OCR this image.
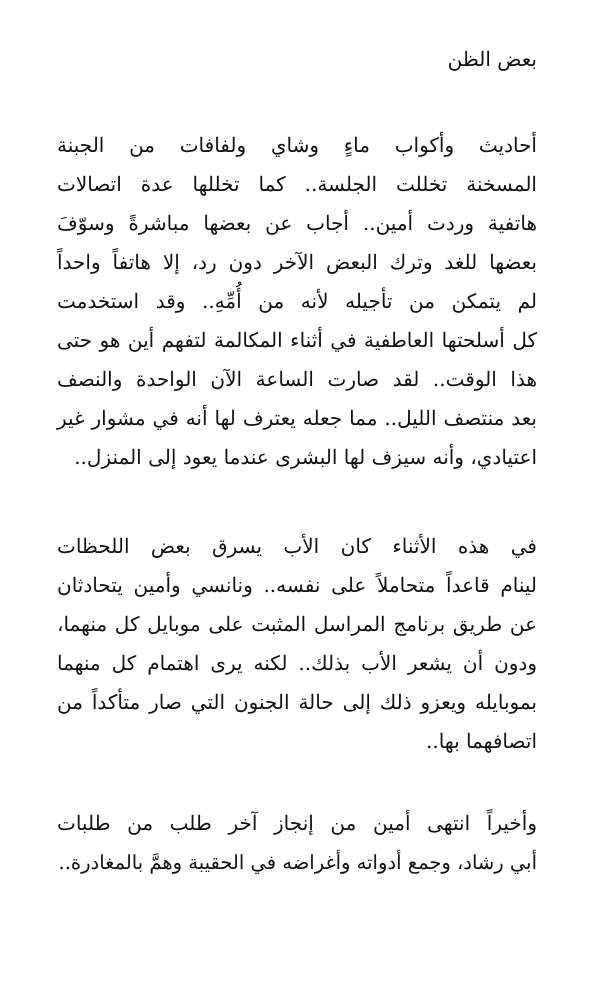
بعض الظن
أحاديث وأكواب ماءٍ وشاي ولفافات من الجبنة
المسخنة تخللت الجلسة.. كما تخللها عدة اتصالات
هاتفية وردت أمين.. أجاب عن بعضها مباشرةً وسوّفَ
بعضها للغد وترك البعض الآخر دون رد، إلا هاتفاً واحداً
لم يتمكن من تأجيله لأنه من أُمِّهِ.. وقد استخدمت
كل أسلحتها العاطفية في أثناء المكالمة لتفهم أين هو حتى
هذا الوقت.. لقد صارت الساعة الآن الواحدة والنصف
بعد منتصف الليل.. مما جعله يعترف لها أنه في مشوار غير
اعتيادي، وأنه سيزف لها البشرى عندما يعود إلى المنزل..
في هذه الأثناء كان الأب يسرق بعض اللحظات
لينام قاعداً متحاملاً على نفسه.. ونانسي وأمين يتحادثان
عن طريق برنامج المراسل المثبت على موبايل كل منهما،
ودون أن يشعر الأب بذلك.. لكنه يرى اهتمام كل منهما
بموبايله ويعزو ذلك إلى حالة الجنون التي صار متأكداً من
اتصافهما بها..
وأخيراً انتهى أمين من إنجاز آخر طلب من طلبات
أبي رشاد، وجمع أدواته وأغراضه في الحقيبة وهمَّ بالمغادرة..
